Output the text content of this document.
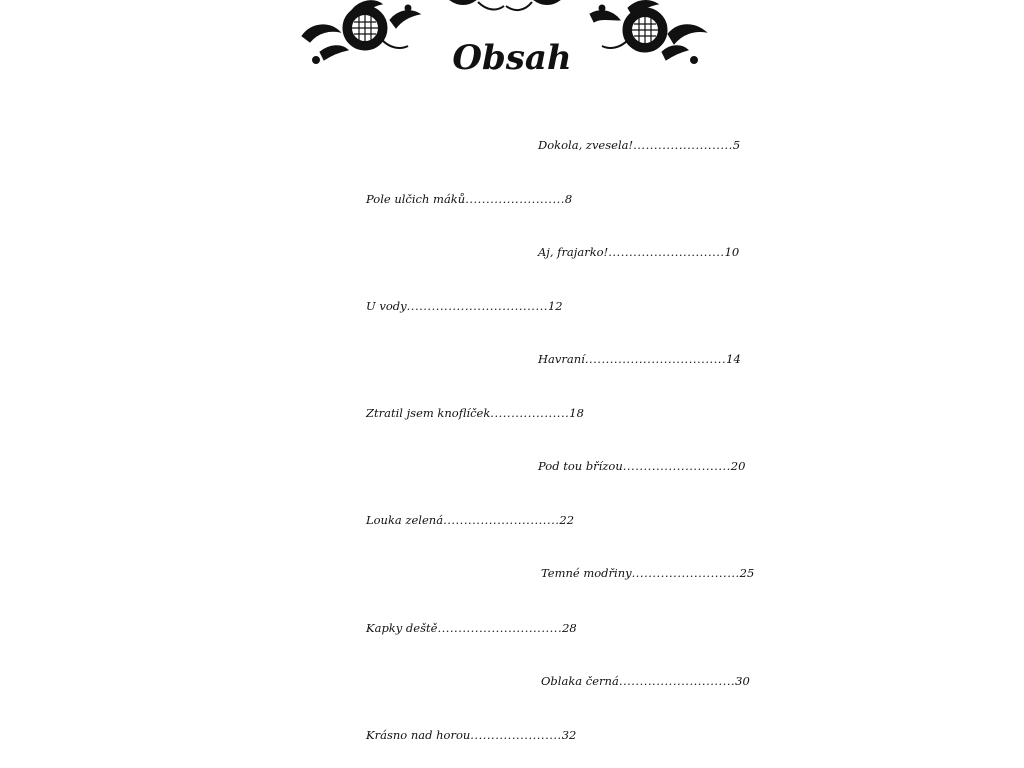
Obsah
Dokola, zvesela!........................5
Pole ulčich máků........................8
Aj, frajarko!............................10
U vody..................................12
Havraní..................................14
Ztratil jsem knoflíček...................18
Pod tou břízou..........................20
Louka zelená............................22
Temné modřiny..........................25
Kapky deště..............................28
Oblaka černá............................30
Krásno nad horou......................32
